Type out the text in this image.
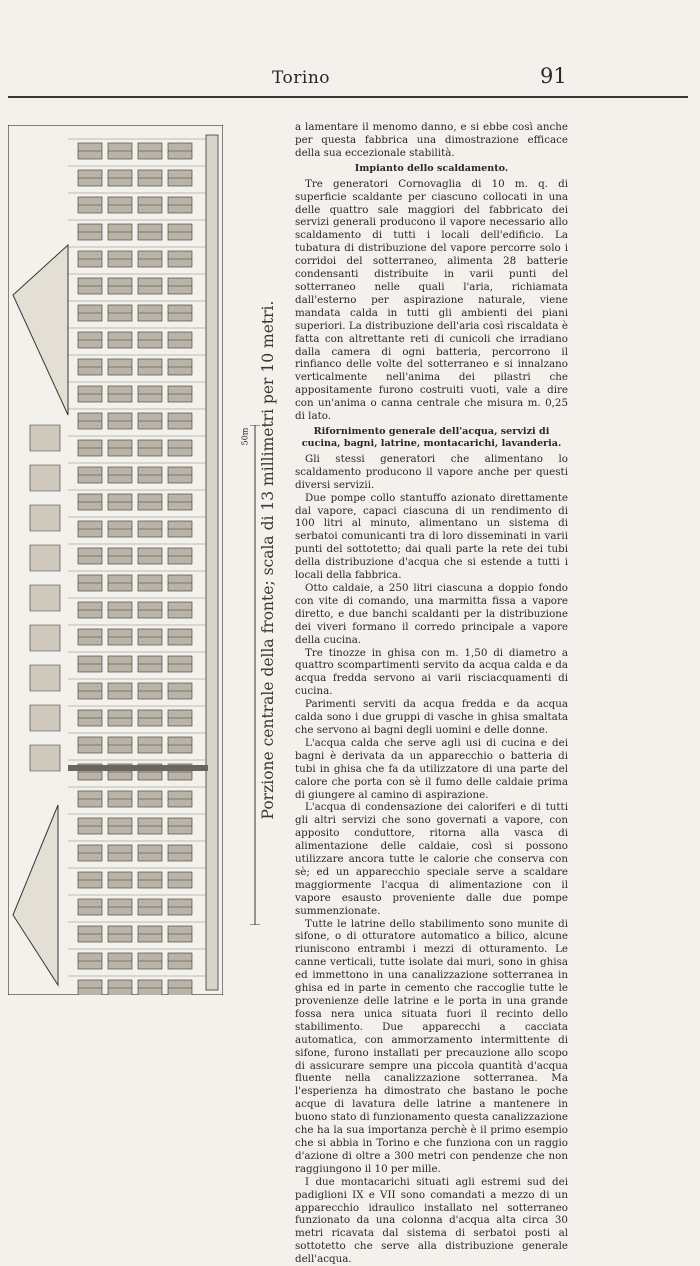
Torino	91
Porzione centrale della fronte; scala di 13 millimetri per 10 metri.
50m

a lamentare il menomo danno, e si ebbe così anche per questa fabbrica una dimostrazione efficace della sua eccezionale stabilità.

Impianto dello scaldamento.

Tre generatori Cornovaglia di 10 m. q. di superficie scaldante per ciascuno collocati in una delle quattro sale maggiori del fabbricato dei servizi generali producono il vapore necessario allo scaldamento di tutti i locali dell'edificio. La tubatura di distribuzione del vapore percorre solo i corridoi del sotterraneo, alimenta 28 batterie condensanti distribuite in varii punti del sotterraneo nelle quali l'aria, richiamata dall'esterno per aspirazione naturale, viene mandata calda in tutti gli ambienti dei piani superiori. La distribuzione dell'aria così riscaldata è fatta con altrettante reti di cunicoli che irradiano dalla camera di ogni batteria, percorrono il rinfianco delle volte del sotterraneo e si innalzano verticalmente nell'anima dei pilastri che appositamente furono costruiti vuoti, vale a dire con un'anima o canna centrale che misura m. 0,25 di lato.

Rifornimento generale dell'acqua, servizi di cucina, bagni, latrine, montacarichi, lavanderia.

Gli stessi generatori che alimentano lo scaldamento producono il vapore anche per questi diversi servizii.

Due pompe collo stantuffo azionato direttamente dal vapore, capaci ciascuna di un rendimento di 100 litri al minuto, alimentano un sistema di serbatoi comunicanti tra di loro disseminati in varii punti del sottotetto; dai quali parte la rete dei tubi della distribuzione d'acqua che si estende a tutti i locali della fabbrica.

Otto caldaie, a 250 litri ciascuna a doppio fondo con vite di comando, una marmitta fissa a vapore diretto, e due banchi scaldanti per la distribuzione dei viveri formano il corredo principale a vapore della cucina.

Tre tinozze in ghisa con m. 1,50 di diametro a quattro scompartimenti servito da acqua calda e da acqua fredda servono ai varii risciacquamenti di cucina.

Parimenti serviti da acqua fredda e da acqua calda sono i due gruppi di vasche in ghisa smaltata che servono ai bagni degli uomini e delle donne.

L'acqua calda che serve agli usi di cucina e dei bagni è derivata da un apparecchio o batteria di tubi in ghisa che fa da utilizzatore di una parte del calore che porta con sè il fumo delle caldaie prima di giungere al camino di aspirazione.

L'acqua di condensazione dei caloriferi e di tutti gli altri servizi che sono governati a vapore, con apposito conduttore, ritorna alla vasca di alimentazione delle caldaie, così si possono utilizzare ancora tutte le calorie che conserva con sè; ed un apparecchio speciale serve a scaldare maggiormente l'acqua di alimentazione con il vapore esausto proveniente dalle due pompe summenzionate.

Tutte le latrine dello stabilimento sono munite di sifone, o di otturatore automatico a bilico, alcune riuniscono entrambi i mezzi di otturamento. Le canne verticali, tutte isolate dai muri, sono in ghisa ed immettono in una canalizzazione sotterranea in ghisa ed in parte in cemento che raccoglie tutte le provenienze delle latrine e le porta in una grande fossa nera unica situata fuori il recinto dello stabilimento. Due apparecchi a cacciata automatica, con ammorzamento intermittente di sifone, furono installati per precauzione allo scopo di assicurare sempre una piccola quantità d'acqua fluente nella canalizzazione sotterranea. Ma l'esperienza ha dimostrato che bastano le poche acque di lavatura delle latrine a mantenere in buono stato di funzionamento questa canalizzazione che ha la sua importanza perchè è il primo esempio che si abbia in Torino e che funziona con un raggio d'azione di oltre a 300 metri con pendenze che non raggiungono il 10 per mille.

I due montacarichi situati agli estremi sud dei padiglioni IX e VII sono comandati a mezzo di un apparecchio idraulico installato nel sotterraneo funzionato da una colonna d'acqua alta circa 30 metri ricavata dal sistema di serbatoi posti al sottotetto che serve alla distribuzione generale dell'acqua.
